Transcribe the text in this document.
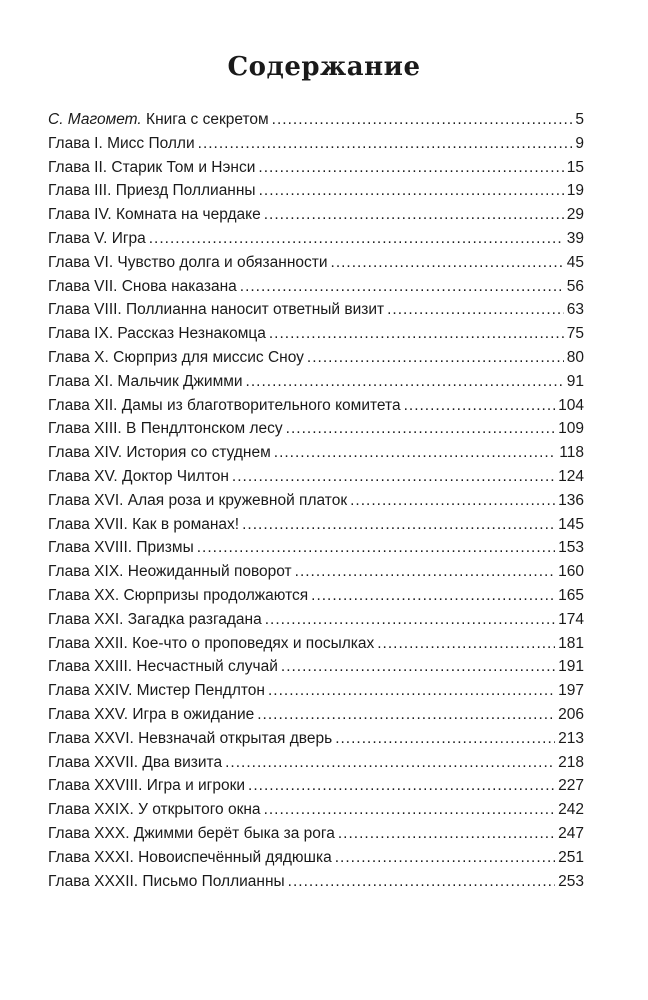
Содержание
С. Магомет. Книга с секретом .....	5
Глава I. Мисс Полли .....	9
Глава II. Старик Том и Нэнси .....	15
Глава III. Приезд Поллианны .....	19
Глава IV. Комната на чердаке .....	29
Глава V. Игра .....	39
Глава VI. Чувство долга и обязанности .....	45
Глава VII. Снова наказана .....	56
Глава VIII. Поллианна наносит ответный визит .....	63
Глава IX. Рассказ Незнакомца .....	75
Глава X. Сюрприз для миссис Сноу .....	80
Глава XI. Мальчик Джимми .....	91
Глава XII. Дамы из благотворительного комитета .....	104
Глава XIII. В Пендлтонском лесу .....	109
Глава XIV. История со студнем .....	118
Глава XV. Доктор Чилтон .....	124
Глава XVI. Алая роза и кружевной платок .....	136
Глава XVII. Как в романах! .....	145
Глава XVIII. Призмы .....	153
Глава XIX. Неожиданный поворот .....	160
Глава XX. Сюрпризы продолжаются .....	165
Глава XXI. Загадка разгадана .....	174
Глава XXII. Кое-что о проповедях и посылках .....	181
Глава XXIII. Несчастный случай .....	191
Глава XXIV. Мистер Пендлтон .....	197
Глава XXV. Игра в ожидание .....	206
Глава XXVI. Невзначай открытая дверь .....	213
Глава XXVII. Два визита .....	218
Глава XXVIII. Игра и игроки .....	227
Глава XXIX. У открытого окна .....	242
Глава XXX. Джимми берёт быка за рога .....	247
Глава XXXI. Новоиспечённый дядюшка .....	251
Глава XXXII. Письмо Поллианны .....	253
